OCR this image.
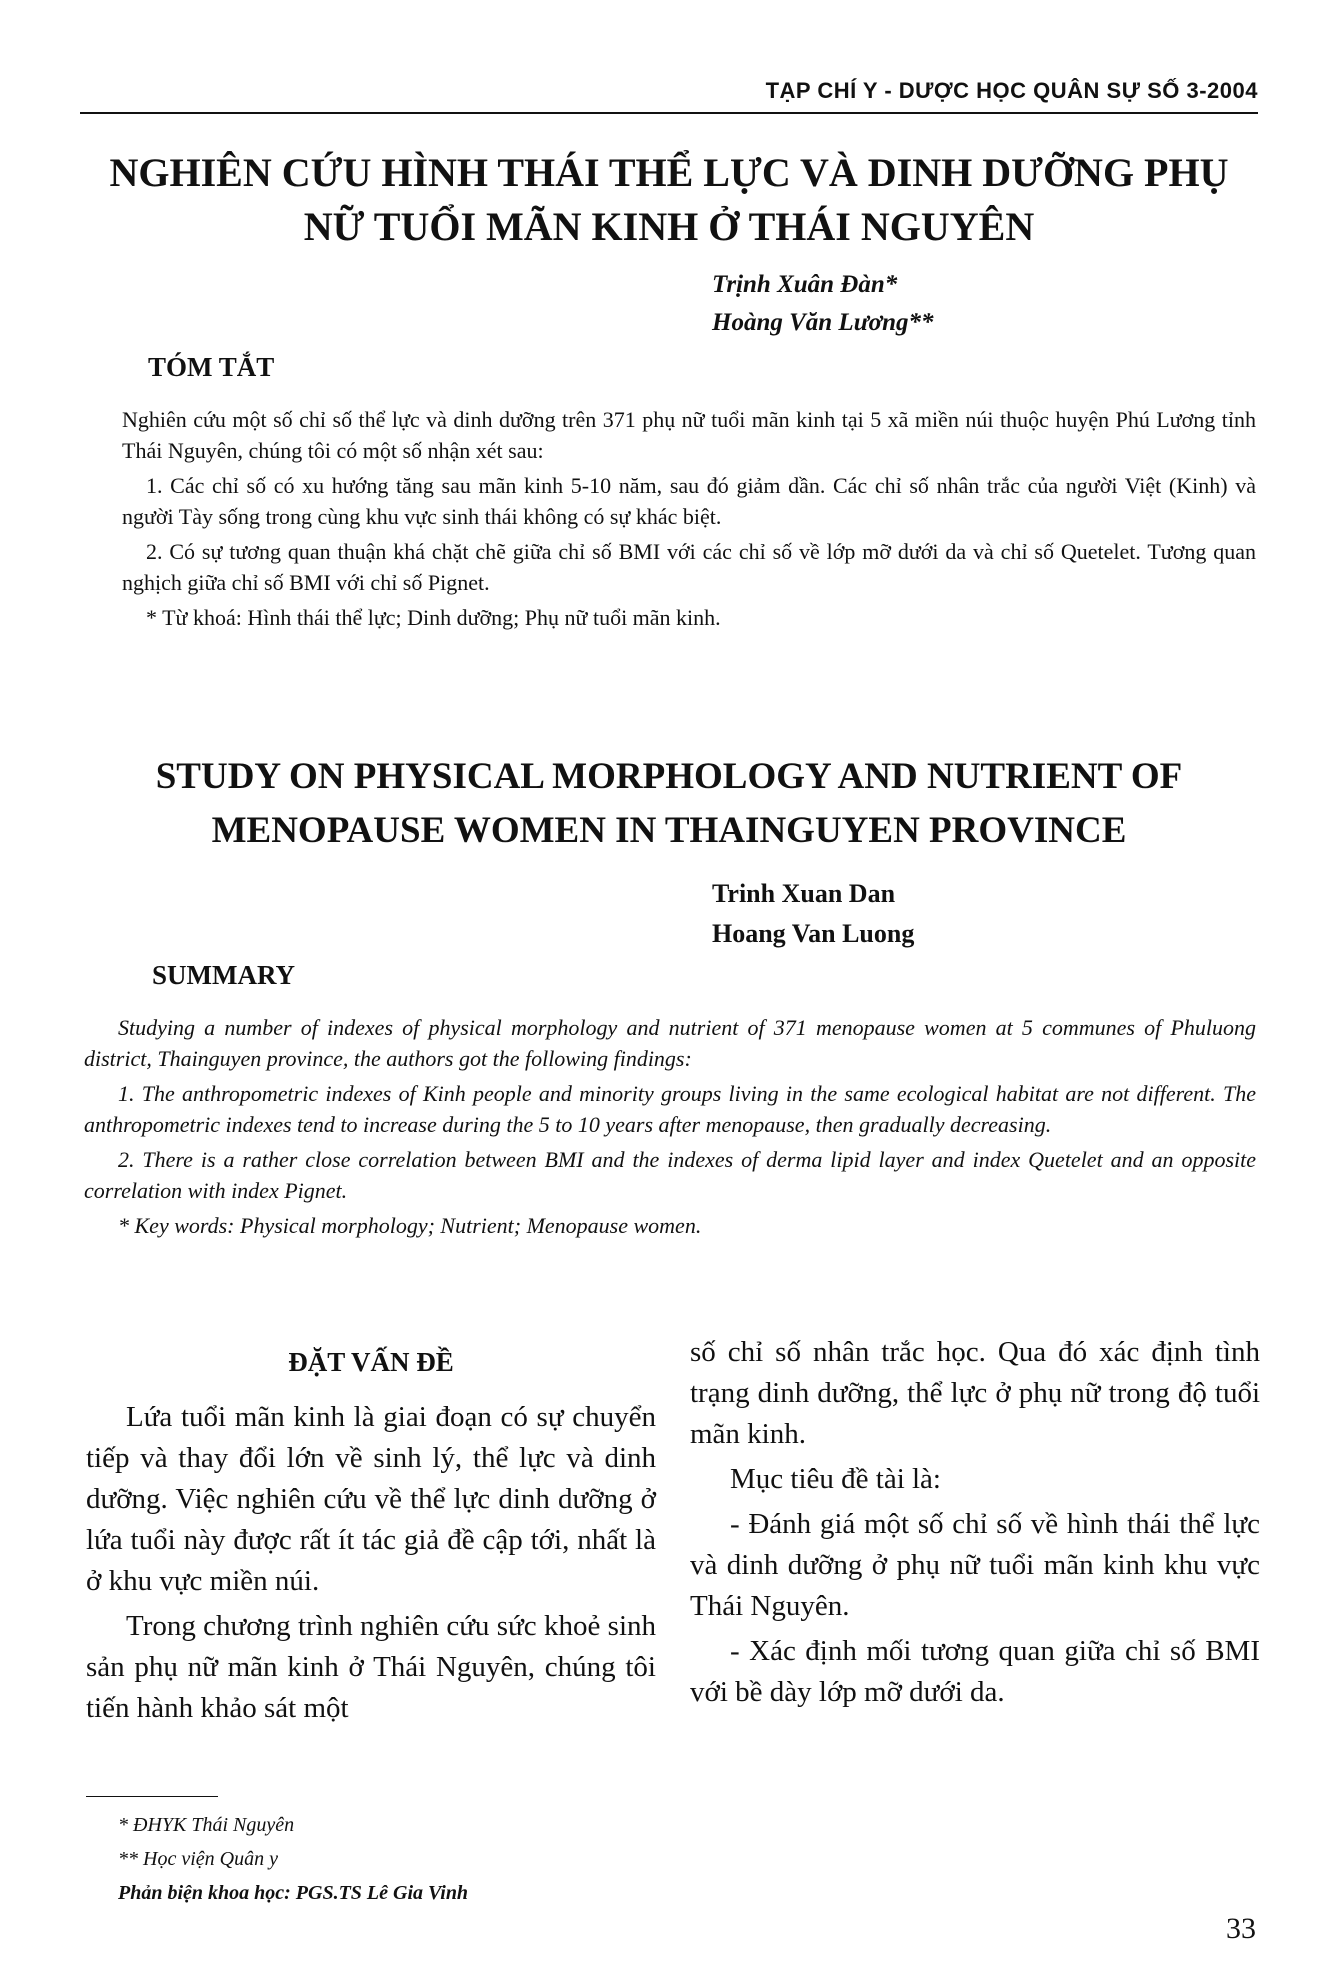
TẠP CHÍ Y - DƯỢC HỌC QUÂN SỰ SỐ 3-2004
NGHIÊN CỨU HÌNH THÁI THỂ LỰC VÀ DINH DƯỠNG PHỤ NỮ TUỔI MÃN KINH Ở THÁI NGUYÊN
Trịnh Xuân Đàn*
Hoàng Văn Lương**
TÓM TẮT

Nghiên cứu một số chỉ số thể lực và dinh dưỡng trên 371 phụ nữ tuổi mãn kinh tại 5 xã miền núi thuộc huyện Phú Lương tỉnh Thái Nguyên, chúng tôi có một số nhận xét sau:

1. Các chỉ số có xu hướng tăng sau mãn kinh 5-10 năm, sau đó giảm dần. Các chỉ số nhân trắc của người Việt (Kinh) và người Tày sống trong cùng khu vực sinh thái không có sự khác biệt.

2. Có sự tương quan thuận khá chặt chẽ giữa chỉ số BMI với các chỉ số về lớp mỡ dưới da và chỉ số Quetelet. Tương quan nghịch giữa chỉ số BMI với chỉ số Pignet.

* Từ khoá: Hình thái thể lực; Dinh dưỡng; Phụ nữ tuổi mãn kinh.

STUDY ON PHYSICAL MORPHOLOGY AND NUTRIENT OF MENOPAUSE WOMEN IN THAINGUYEN PROVINCE
Trinh Xuan Dan
Hoang Van Luong
SUMMARY

Studying a number of indexes of physical morphology and nutrient of 371 menopause women at 5 communes of Phuluong district, Thainguyen province, the authors got the following findings:

1. The anthropometric indexes of Kinh people and minority groups living in the same ecological habitat are not different. The anthropometric indexes tend to increase during the 5 to 10 years after menopause, then gradually decreasing.

2. There is a rather close correlation between BMI and the indexes of derma lipid layer and index Quetelet and an opposite correlation with index Pignet.

* Key words: Physical morphology; Nutrient; Menopause women.

ĐẶT VẤN ĐỀ

Lứa tuổi mãn kinh là giai đoạn có sự chuyển tiếp và thay đổi lớn về sinh lý, thể lực và dinh dưỡng. Việc nghiên cứu về thể lực dinh dưỡng ở lứa tuổi này được rất ít tác giả đề cập tới, nhất là ở khu vực miền núi.

Trong chương trình nghiên cứu sức khoẻ sinh sản phụ nữ mãn kinh ở Thái Nguyên, chúng tôi tiến hành khảo sát một

số chỉ số nhân trắc học. Qua đó xác định tình trạng dinh dưỡng, thể lực ở phụ nữ trong độ tuổi mãn kinh.

Mục tiêu đề tài là:

- Đánh giá một số chỉ số về hình thái thể lực và dinh dưỡng ở phụ nữ tuổi mãn kinh khu vực Thái Nguyên.

- Xác định mối tương quan giữa chỉ số BMI với bề dày lớp mỡ dưới da.

* ĐHYK Thái Nguyên
** Học viện Quân y
Phản biện khoa học: PGS.TS Lê Gia Vinh
33
